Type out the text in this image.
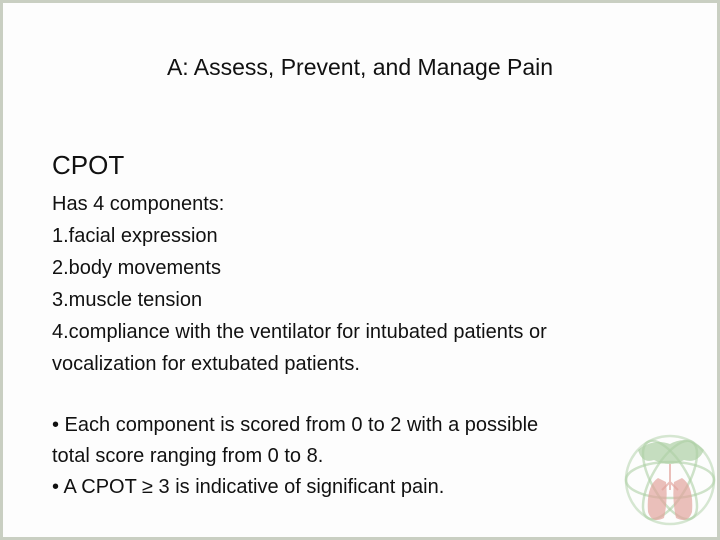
A: Assess, Prevent, and Manage Pain
CPOT
Has 4 components:
1.facial expression
2.body movements
3.muscle tension
4.compliance with the ventilator for intubated patients or
vocalization for extubated patients.
• Each component is scored from 0 to 2 with a possible
total score ranging from 0 to 8.
• A CPOT ≥ 3 is indicative of significant pain.
